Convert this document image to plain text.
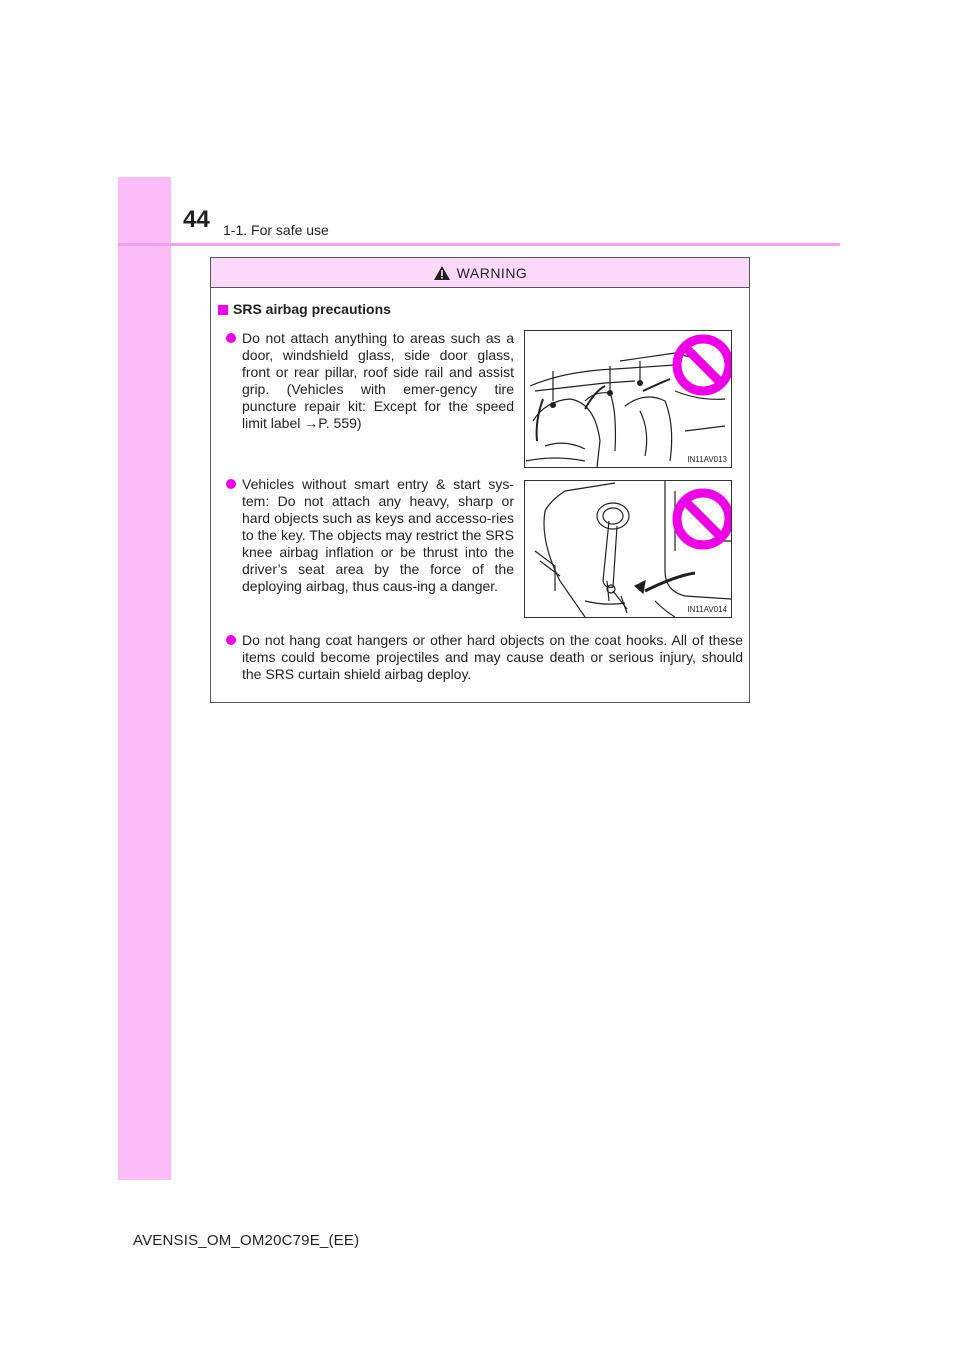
44 1-1. For safe use
WARNING
SRS airbag precautions
Do not attach anything to areas such as a door, windshield glass, side door glass, front or rear pillar, roof side rail and assist grip. (Vehicles with emer-gency tire puncture repair kit: Except for the speed limit label →P. 559)
IN11AV013
Vehicles without smart entry & start sys-tem: Do not attach any heavy, sharp or hard objects such as keys and accesso-ries to the key. The objects may restrict the SRS knee airbag inflation or be thrust into the driver’s seat area by the force of the deploying airbag, thus caus-ing a danger.
IN11AV014
Do not hang coat hangers or other hard objects on the coat hooks. All of these items could become projectiles and may cause death or serious injury, should the SRS curtain shield airbag deploy.
AVENSIS_OM_OM20C79E_(EE)
